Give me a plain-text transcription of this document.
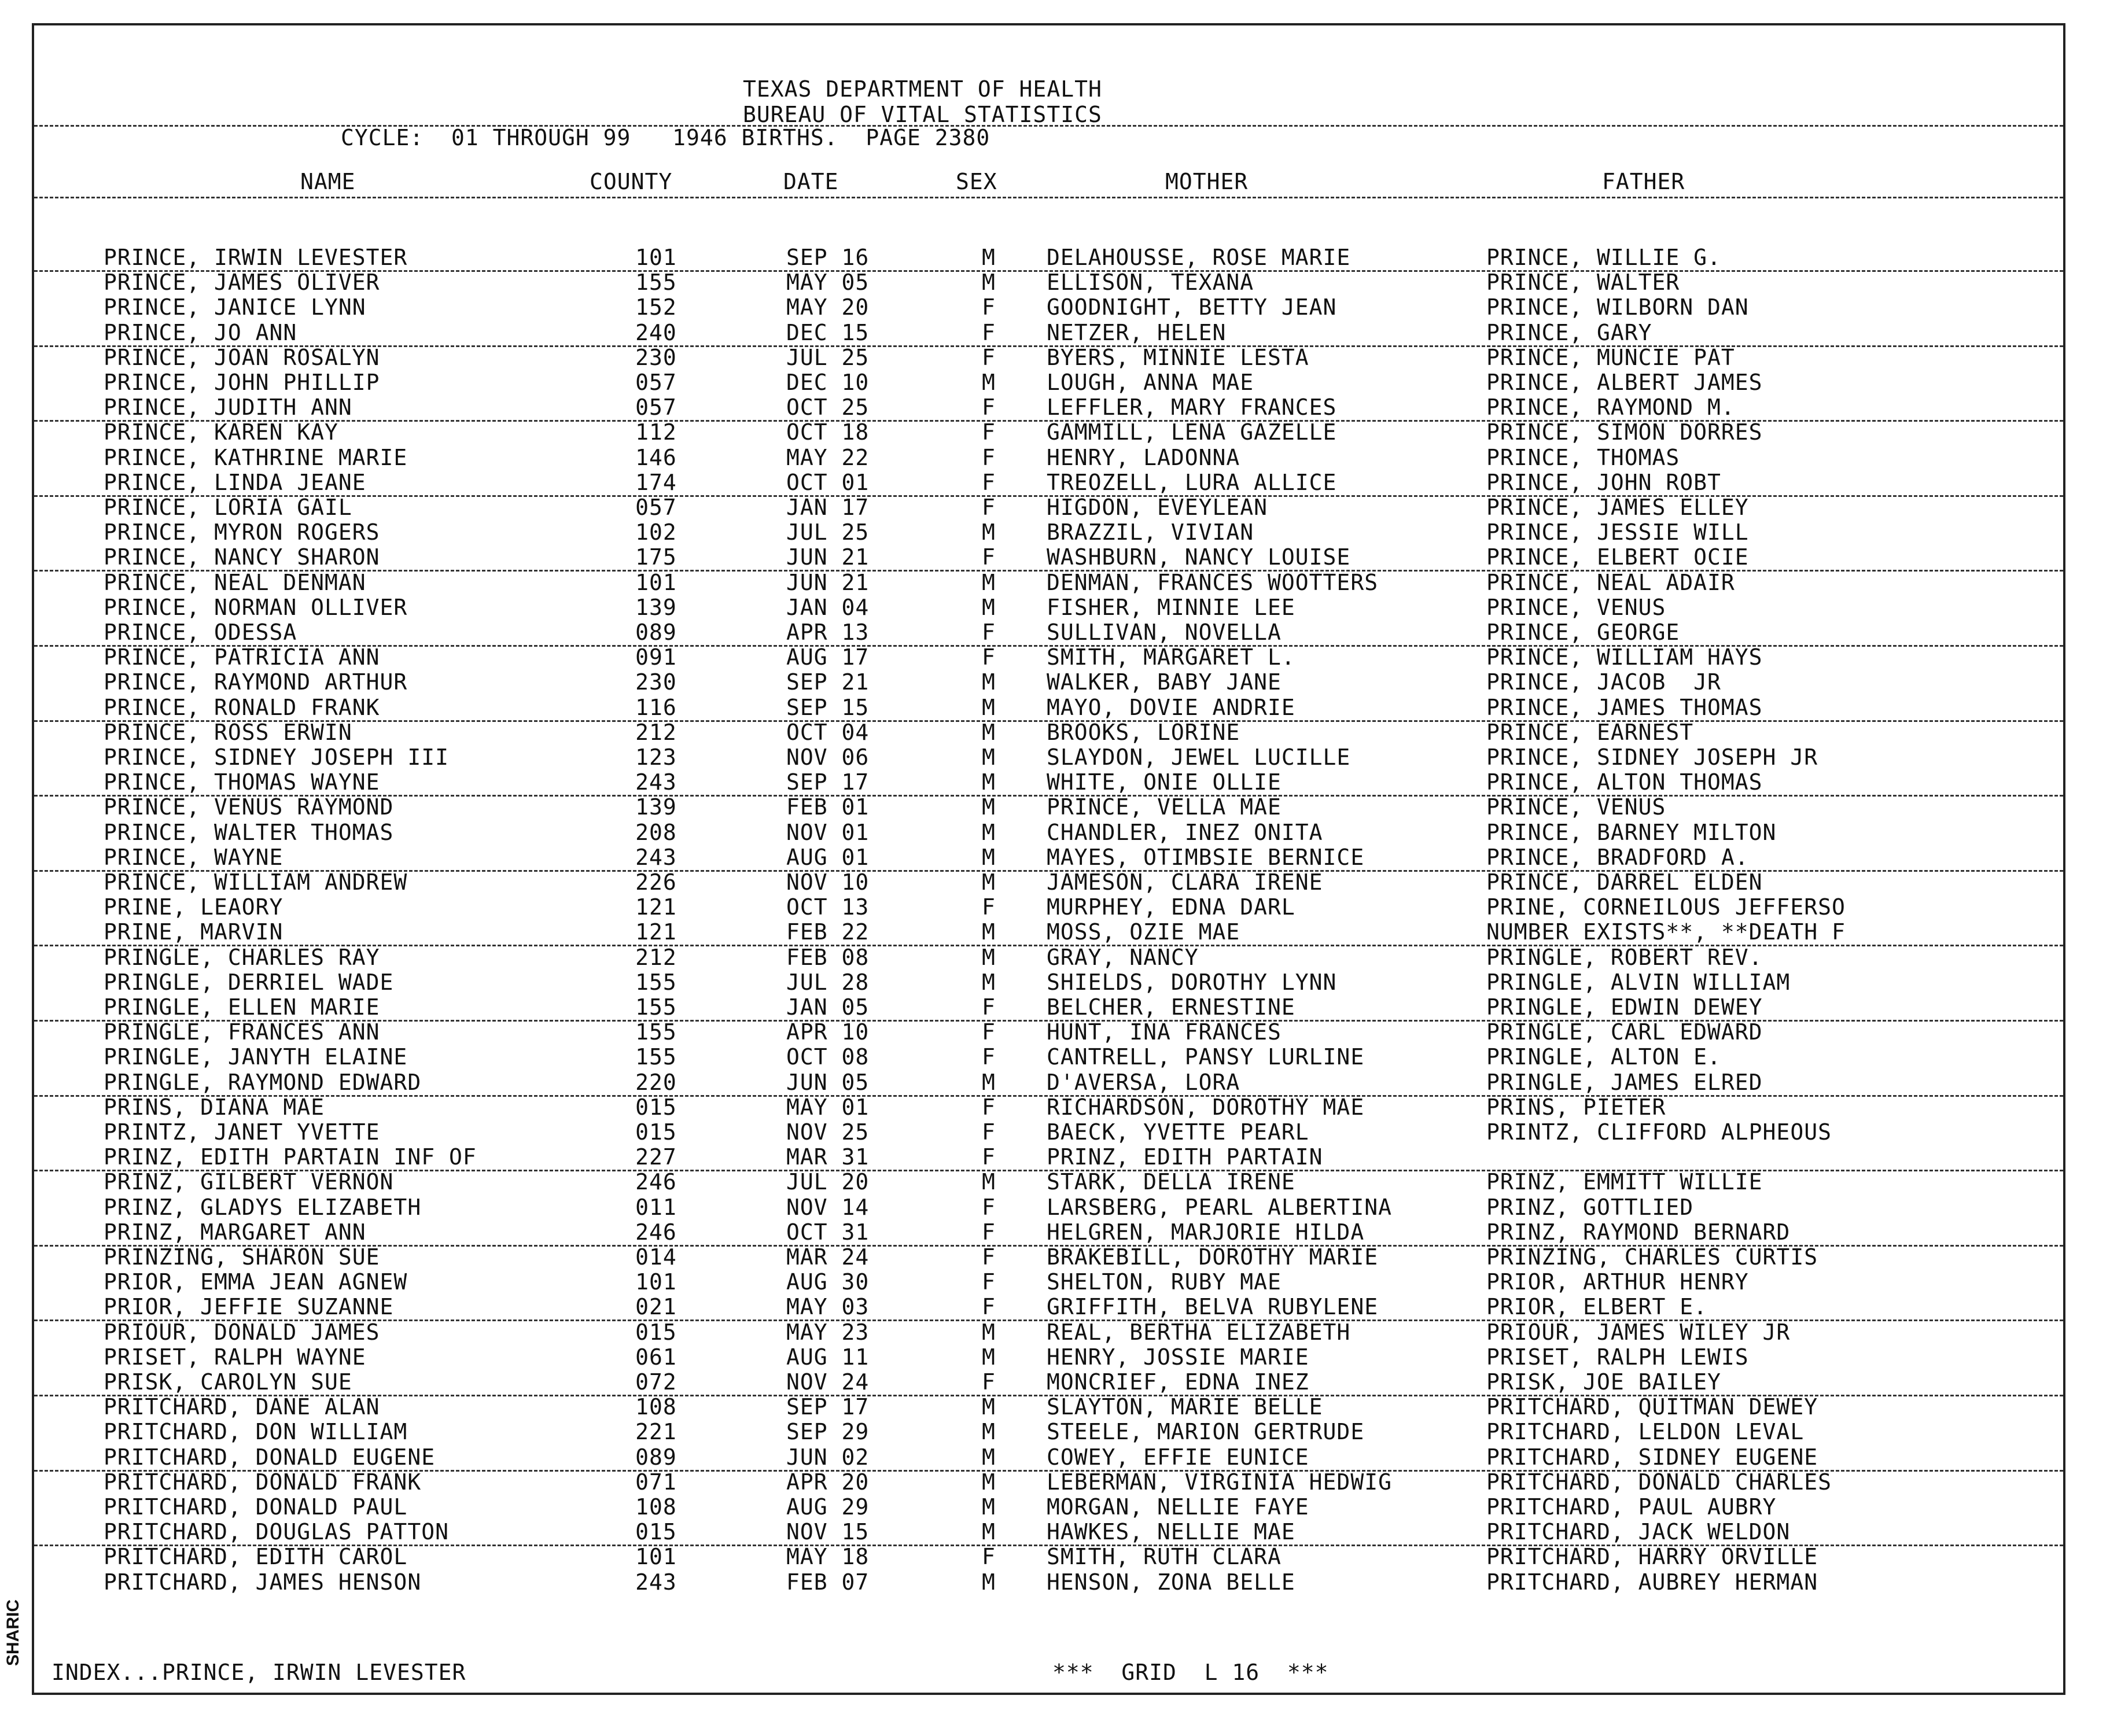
TEXAS DEPARTMENT OF HEALTH
BUREAU OF VITAL STATISTICS
CYCLE:  01 THROUGH 99   1946 BIRTHS.  PAGE 2380
NAME	COUNTY	DATE	SEX	MOTHER	FATHER
PRINCE, IRWIN LEVESTER	101	SEP 16	M	DELAHOUSSE, ROSE MARIE	PRINCE, WILLIE G.
PRINCE, JAMES OLIVER	155	MAY 05	M	ELLISON, TEXANA	PRINCE, WALTER
PRINCE, JANICE LYNN	152	MAY 20	F	GOODNIGHT, BETTY JEAN	PRINCE, WILBORN DAN
PRINCE, JO ANN	240	DEC 15	F	NETZER, HELEN	PRINCE, GARY
PRINCE, JOAN ROSALYN	230	JUL 25	F	BYERS, MINNIE LESTA	PRINCE, MUNCIE PAT
PRINCE, JOHN PHILLIP	057	DEC 10	M	LOUGH, ANNA MAE	PRINCE, ALBERT JAMES
PRINCE, JUDITH ANN	057	OCT 25	F	LEFFLER, MARY FRANCES	PRINCE, RAYMOND M.
PRINCE, KAREN KAY	112	OCT 18	F	GAMMILL, LENA GAZELLE	PRINCE, SIMON DORRES
PRINCE, KATHRINE MARIE	146	MAY 22	F	HENRY, LADONNA	PRINCE, THOMAS
PRINCE, LINDA JEANE	174	OCT 01	F	TREOZELL, LURA ALLICE	PRINCE, JOHN ROBT
PRINCE, LORIA GAIL	057	JAN 17	F	HIGDON, EVEYLEAN	PRINCE, JAMES ELLEY
PRINCE, MYRON ROGERS	102	JUL 25	M	BRAZZIL, VIVIAN	PRINCE, JESSIE WILL
PRINCE, NANCY SHARON	175	JUN 21	F	WASHBURN, NANCY LOUISE	PRINCE, ELBERT OCIE
PRINCE, NEAL DENMAN	101	JUN 21	M	DENMAN, FRANCES WOOTTERS	PRINCE, NEAL ADAIR
PRINCE, NORMAN OLLIVER	139	JAN 04	M	FISHER, MINNIE LEE	PRINCE, VENUS
PRINCE, ODESSA	089	APR 13	F	SULLIVAN, NOVELLA	PRINCE, GEORGE
PRINCE, PATRICIA ANN	091	AUG 17	F	SMITH, MARGARET L.	PRINCE, WILLIAM HAYS
PRINCE, RAYMOND ARTHUR	230	SEP 21	M	WALKER, BABY JANE	PRINCE, JACOB  JR
PRINCE, RONALD FRANK	116	SEP 15	M	MAYO, DOVIE ANDRIE	PRINCE, JAMES THOMAS
PRINCE, ROSS ERWIN	212	OCT 04	M	BROOKS, LORINE	PRINCE, EARNEST
PRINCE, SIDNEY JOSEPH III	123	NOV 06	M	SLAYDON, JEWEL LUCILLE	PRINCE, SIDNEY JOSEPH JR
PRINCE, THOMAS WAYNE	243	SEP 17	M	WHITE, ONIE OLLIE	PRINCE, ALTON THOMAS
PRINCE, VENUS RAYMOND	139	FEB 01	M	PRINCE, VELLA MAE	PRINCE, VENUS
PRINCE, WALTER THOMAS	208	NOV 01	M	CHANDLER, INEZ ONITA	PRINCE, BARNEY MILTON
PRINCE, WAYNE	243	AUG 01	M	MAYES, OTIMBSIE BERNICE	PRINCE, BRADFORD A.
PRINCE, WILLIAM ANDREW	226	NOV 10	M	JAMESON, CLARA IRENE	PRINCE, DARREL ELDEN
PRINE, LEAORY	121	OCT 13	F	MURPHEY, EDNA DARL	PRINE, CORNEILOUS JEFFERSO
PRINE, MARVIN	121	FEB 22	M	MOSS, OZIE MAE	NUMBER EXISTS**, **DEATH F
PRINGLE, CHARLES RAY	212	FEB 08	M	GRAY, NANCY	PRINGLE, ROBERT REV.
PRINGLE, DERRIEL WADE	155	JUL 28	M	SHIELDS, DOROTHY LYNN	PRINGLE, ALVIN WILLIAM
PRINGLE, ELLEN MARIE	155	JAN 05	F	BELCHER, ERNESTINE	PRINGLE, EDWIN DEWEY
PRINGLE, FRANCES ANN	155	APR 10	F	HUNT, INA FRANCES	PRINGLE, CARL EDWARD
PRINGLE, JANYTH ELAINE	155	OCT 08	F	CANTRELL, PANSY LURLINE	PRINGLE, ALTON E.
PRINGLE, RAYMOND EDWARD	220	JUN 05	M	D'AVERSA, LORA	PRINGLE, JAMES ELRED
PRINS, DIANA MAE	015	MAY 01	F	RICHARDSON, DOROTHY MAE	PRINS, PIETER
PRINTZ, JANET YVETTE	015	NOV 25	F	BAECK, YVETTE PEARL	PRINTZ, CLIFFORD ALPHEOUS
PRINZ, EDITH PARTAIN INF OF	227	MAR 31	F	PRINZ, EDITH PARTAIN
PRINZ, GILBERT VERNON	246	JUL 20	M	STARK, DELLA IRENE	PRINZ, EMMITT WILLIE
PRINZ, GLADYS ELIZABETH	011	NOV 14	F	LARSBERG, PEARL ALBERTINA	PRINZ, GOTTLIED
PRINZ, MARGARET ANN	246	OCT 31	F	HELGREN, MARJORIE HILDA	PRINZ, RAYMOND BERNARD
PRINZING, SHARON SUE	014	MAR 24	F	BRAKEBILL, DOROTHY MARIE	PRINZING, CHARLES CURTIS
PRIOR, EMMA JEAN AGNEW	101	AUG 30	F	SHELTON, RUBY MAE	PRIOR, ARTHUR HENRY
PRIOR, JEFFIE SUZANNE	021	MAY 03	F	GRIFFITH, BELVA RUBYLENE	PRIOR, ELBERT E.
PRIOUR, DONALD JAMES	015	MAY 23	M	REAL, BERTHA ELIZABETH	PRIOUR, JAMES WILEY JR
PRISET, RALPH WAYNE	061	AUG 11	M	HENRY, JOSSIE MARIE	PRISET, RALPH LEWIS
PRISK, CAROLYN SUE	072	NOV 24	F	MONCRIEF, EDNA INEZ	PRISK, JOE BAILEY
PRITCHARD, DANE ALAN	108	SEP 17	M	SLAYTON, MARIE BELLE	PRITCHARD, QUITMAN DEWEY
PRITCHARD, DON WILLIAM	221	SEP 29	M	STEELE, MARION GERTRUDE	PRITCHARD, LELDON LEVAL
PRITCHARD, DONALD EUGENE	089	JUN 02	M	COWEY, EFFIE EUNICE	PRITCHARD, SIDNEY EUGENE
PRITCHARD, DONALD FRANK	071	APR 20	M	LEBERMAN, VIRGINIA HEDWIG	PRITCHARD, DONALD CHARLES
PRITCHARD, DONALD PAUL	108	AUG 29	M	MORGAN, NELLIE FAYE	PRITCHARD, PAUL AUBRY
PRITCHARD, DOUGLAS PATTON	015	NOV 15	M	HAWKES, NELLIE MAE	PRITCHARD, JACK WELDON
PRITCHARD, EDITH CAROL	101	MAY 18	F	SMITH, RUTH CLARA	PRITCHARD, HARRY ORVILLE
PRITCHARD, JAMES HENSON	243	FEB 07	M	HENSON, ZONA BELLE	PRITCHARD, AUBREY HERMAN
INDEX...PRINCE, IRWIN LEVESTER	***  GRID  L 16  ***
SHARIC
